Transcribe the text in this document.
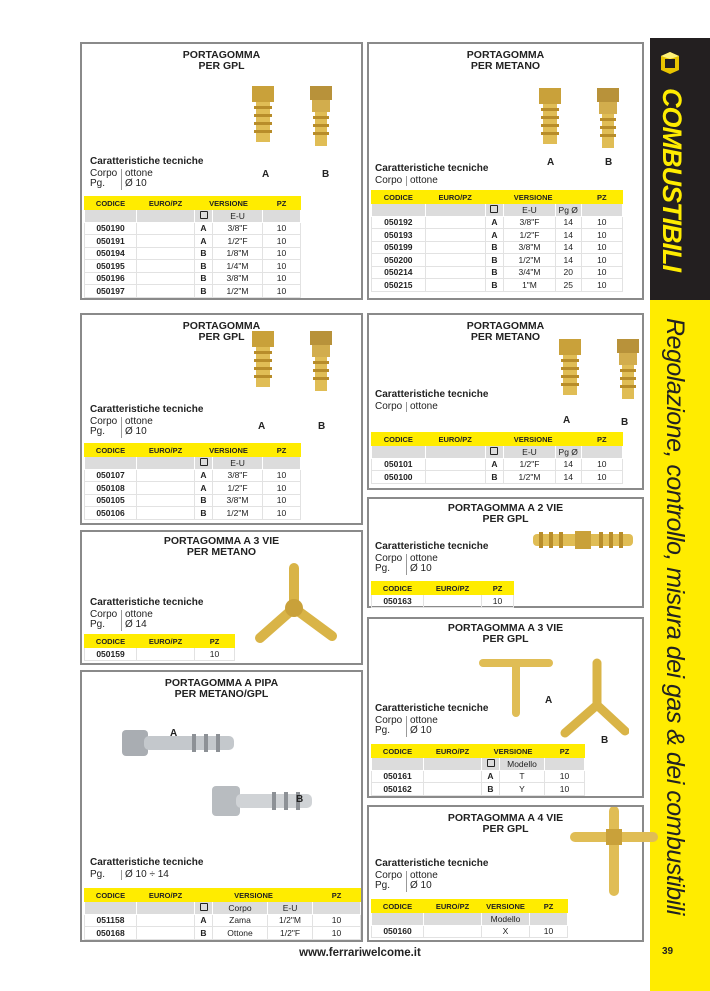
COMBUSTIBILI
Regolazione, controllo, misura dei gas & dei combustibili
39
www.ferrariwelcome.it
PORTAGOMMA
PER GPL
A	B
Caratteristiche tecniche
Corpo ottone
Pg. Ø 10
CODICE	EURO/PZ	VERSIONE		PZ
			E-U	
050190		A	3/8"F	10
050191		A	1/2"F	10
050194		B	1/8"M	10
050195		B	1/4"M	10
050196		B	3/8"M	10
050197		B	1/2"M	10
PORTAGOMMA
PER METANO
A	B
Caratteristiche tecniche
Corpo ottone
CODICE	EURO/PZ	VERSIONE			PZ
			E-U	Pg Ø	
050192		A	3/8"F	14	10
050193		A	1/2"F	14	10
050199		B	3/8"M	14	10
050200		B	1/2"M	14	10
050214		B	3/4"M	20	10
050215		B	1"M	25	10
PORTAGOMMA
PER GPL
A	B
Caratteristiche tecniche
Corpo ottone
Pg. Ø 10
CODICE	EURO/PZ	VERSIONE		PZ
			E-U	
050107		A	3/8"F	10
050108		A	1/2"F	10
050105		B	3/8"M	10
050106		B	1/2"M	10
PORTAGOMMA
PER METANO
A	B
Caratteristiche tecniche
Corpo ottone
CODICE	EURO/PZ	VERSIONE			PZ
			E-U	Pg Ø	
050101		A	1/2"F	14	10
050100		B	1/2"M	14	10
PORTAGOMMA A 3 VIE
PER METANO
Caratteristiche tecniche
Corpo ottone
Pg. Ø 14
CODICE	EURO/PZ	PZ
050159		10
PORTAGOMMA A 2 VIE
PER GPL
Caratteristiche tecniche
Corpo ottone
Pg. Ø 10
CODICE	EURO/PZ	PZ
050163		10
PORTAGOMMA A PIPA
PER METANO/GPL
A
B
Caratteristiche tecniche
Pg. Ø 10 ÷ 14
CODICE	EURO/PZ	VERSIONE			PZ
			Corpo	E-U	
051158		A	Zama	1/2"M	10
050168		B	Ottone	1/2"F	10
PORTAGOMMA A 3 VIE
PER GPL
A
B
Caratteristiche tecniche
Corpo ottone
Pg. Ø 10
CODICE	EURO/PZ	VERSIONE		PZ
			Modello	
050161		A	T	10
050162		B	Y	10
PORTAGOMMA A 4 VIE
PER GPL
Caratteristiche tecniche
Corpo ottone
Pg. Ø 10
CODICE	EURO/PZ	VERSIONE	PZ
		Modello	
050160		X	10
